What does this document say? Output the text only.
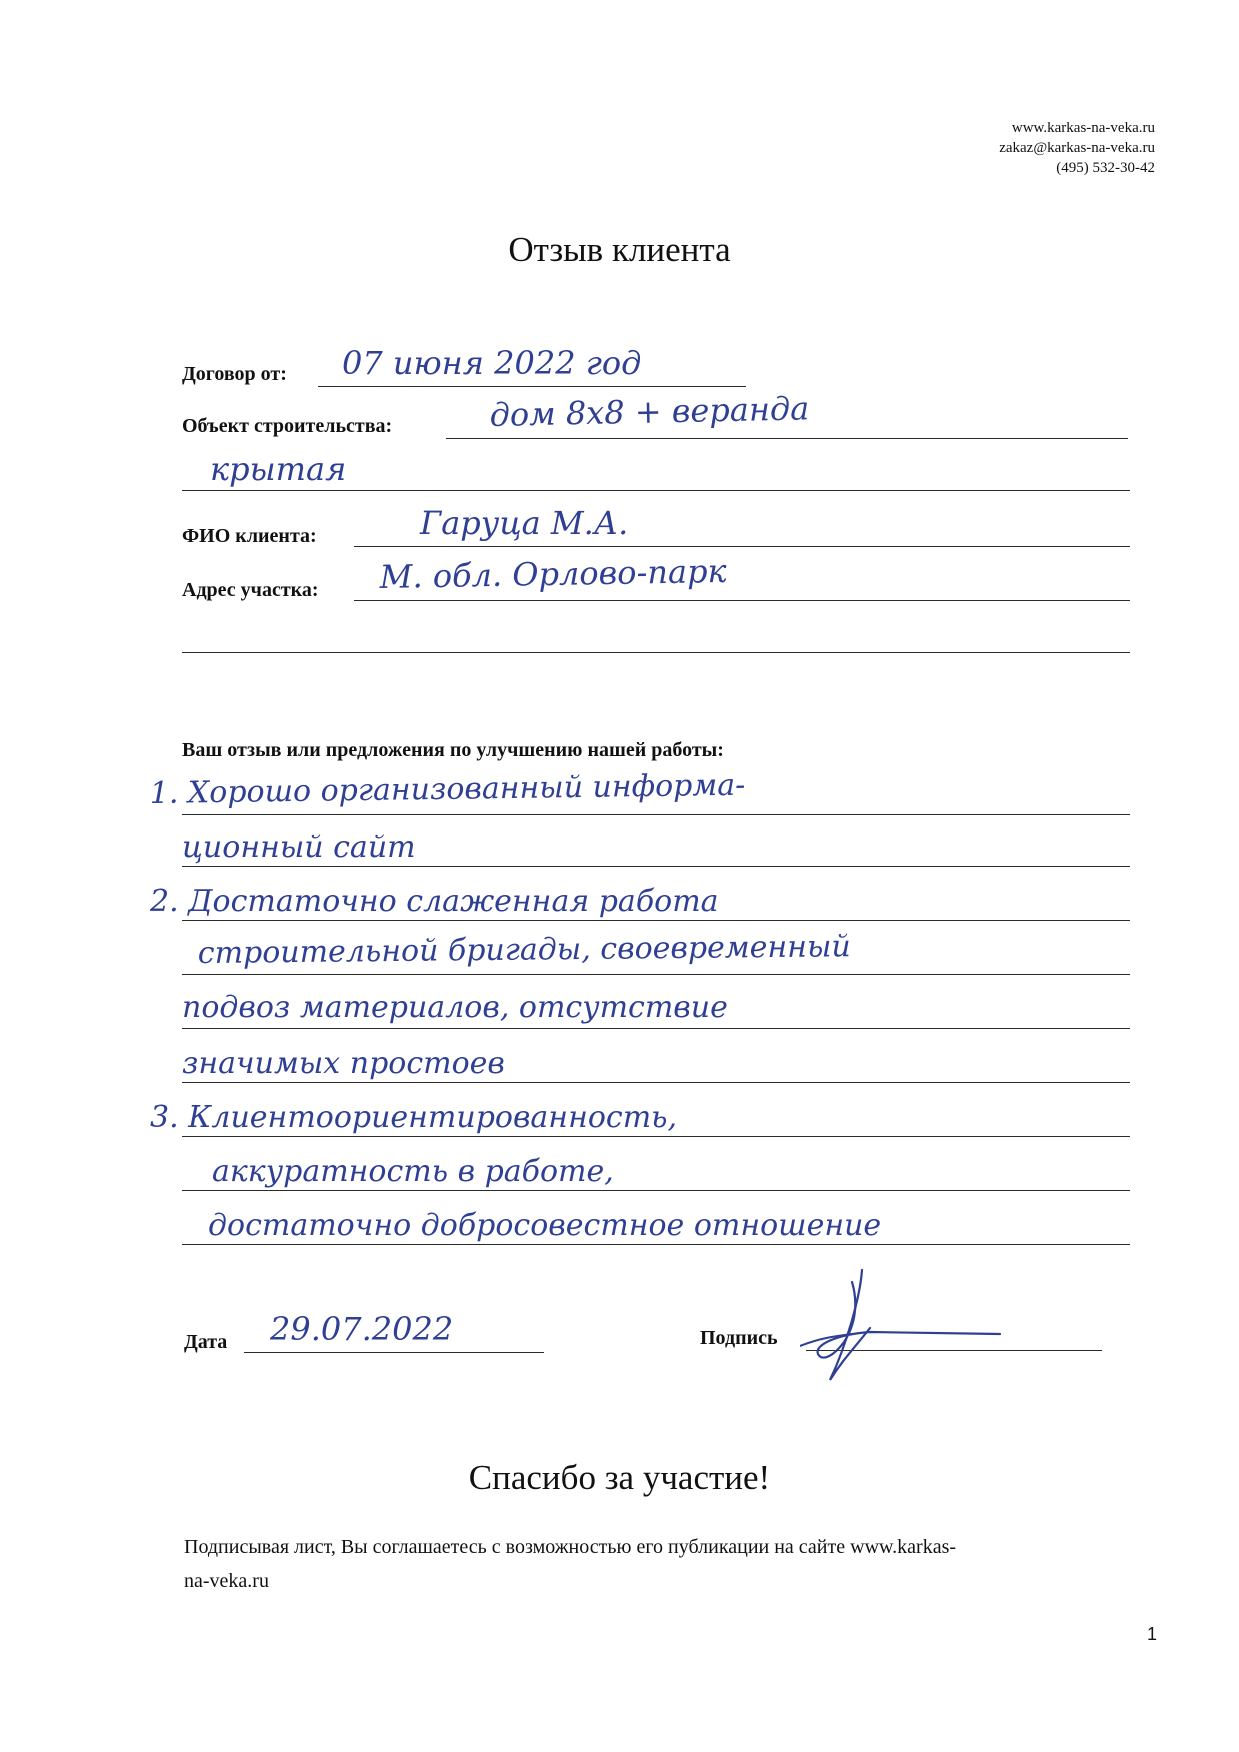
www.karkas-na-veka.ru
zakaz@karkas-na-veka.ru
(495) 532-30-42
Отзыв клиента
Договор от: 07 июня 2022 год
Объект строительства:	дом 8х8 + веранда
крытая
ФИО клиента:	Гаруца М.А.
Адрес участка: М. обл. Орлово-парк
Ваш отзыв или предложения по улучшению нашей работы:
1. Хорошо организованный информа-
ционный сайт
2. Достаточно слаженная работа
строительной бригады, своевременный
подвоз материалов, отсутствие
значимых простоев
3. Клиентоориентированность,
аккуратность в работе,
достаточно добросовестное отношение
Дата 29.07.2022	Подпись
Спасибо за участие!
Подписывая лист, Вы соглашаетесь с возможностью его публикации на сайте www.karkas-
na-veka.ru
1
